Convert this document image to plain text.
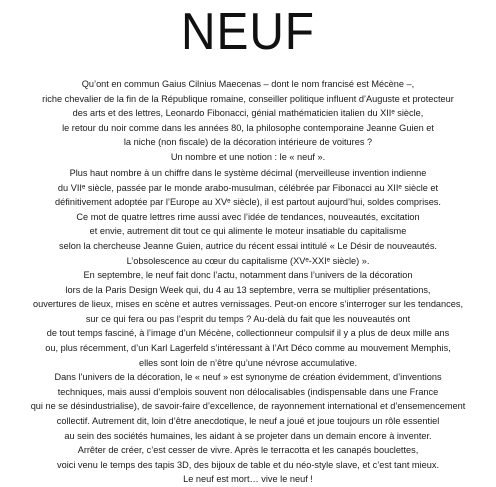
NEUF
Qu’ont en commun Gaius Cilnius Maecenas – dont le nom francisé est Mécène –,
riche chevalier de la fin de la République romaine, conseiller politique influent d’Auguste et protecteur
des arts et des lettres, Leonardo Fibonacci, génial mathématicien italien du XIIᵉ siècle,
le retour du noir comme dans les années 80, la philosophe contemporaine Jeanne Guien et
la niche (non fiscale) de la décoration intérieure de voitures ?
Un nombre et une notion : le « neuf ».
Plus haut nombre à un chiffre dans le système décimal (merveilleuse invention indienne
du VIIᵉ siècle, passée par le monde arabo-musulman, célébrée par Fibonacci au XIIᵉ siècle et
définitivement adoptée par l’Europe au XVᵉ siècle), il est partout aujourd’hui, soldes comprises.
Ce mot de quatre lettres rime aussi avec l’idée de tendances, nouveautés, excitation
et envie, autrement dit tout ce qui alimente le moteur insatiable du capitalisme
selon la chercheuse Jeanne Guien, autrice du récent essai intitulé « Le Désir de nouveautés.
L’obsolescence au cœur du capitalisme (XVᵉ-XXIᵉ siècle) ».
En septembre, le neuf fait donc l’actu, notamment dans l’univers de la décoration
lors de la Paris Design Week qui, du 4 au 13 septembre, verra se multiplier présentations,
ouvertures de lieux, mises en scène et autres vernissages. Peut-on encore s’interroger sur les tendances,
sur ce qui fera ou pas l’esprit du temps ? Au-delà du fait que les nouveautés ont
de tout temps fasciné, à l’image d’un Mécène, collectionneur compulsif il y a plus de deux mille ans
ou, plus récemment, d’un Karl Lagerfeld s’intéressant à l’Art Déco comme au mouvement Memphis,
elles sont loin de n’être qu’une névrose accumulative.
Dans l’univers de la décoration, le « neuf » est synonyme de création évidemment, d’inventions
techniques, mais aussi d’emplois souvent non délocalisables (indispensable dans une France
qui ne se désindustrialise), de savoir-faire d’excellence, de rayonnement international et d’ensemencement
collectif. Autrement dit, loin d’être anecdotique, le neuf a joué et joue toujours un rôle essentiel
au sein des sociétés humaines, les aidant à se projeter dans un demain encore à inventer.
Arrêter de créer, c’est cesser de vivre. Après le terracotta et les canapés bouclettes,
voici venu le temps des tapis 3D, des bijoux de table et du néo-style slave, et c’est tant mieux.
Le neuf est mort… vive le neuf !
